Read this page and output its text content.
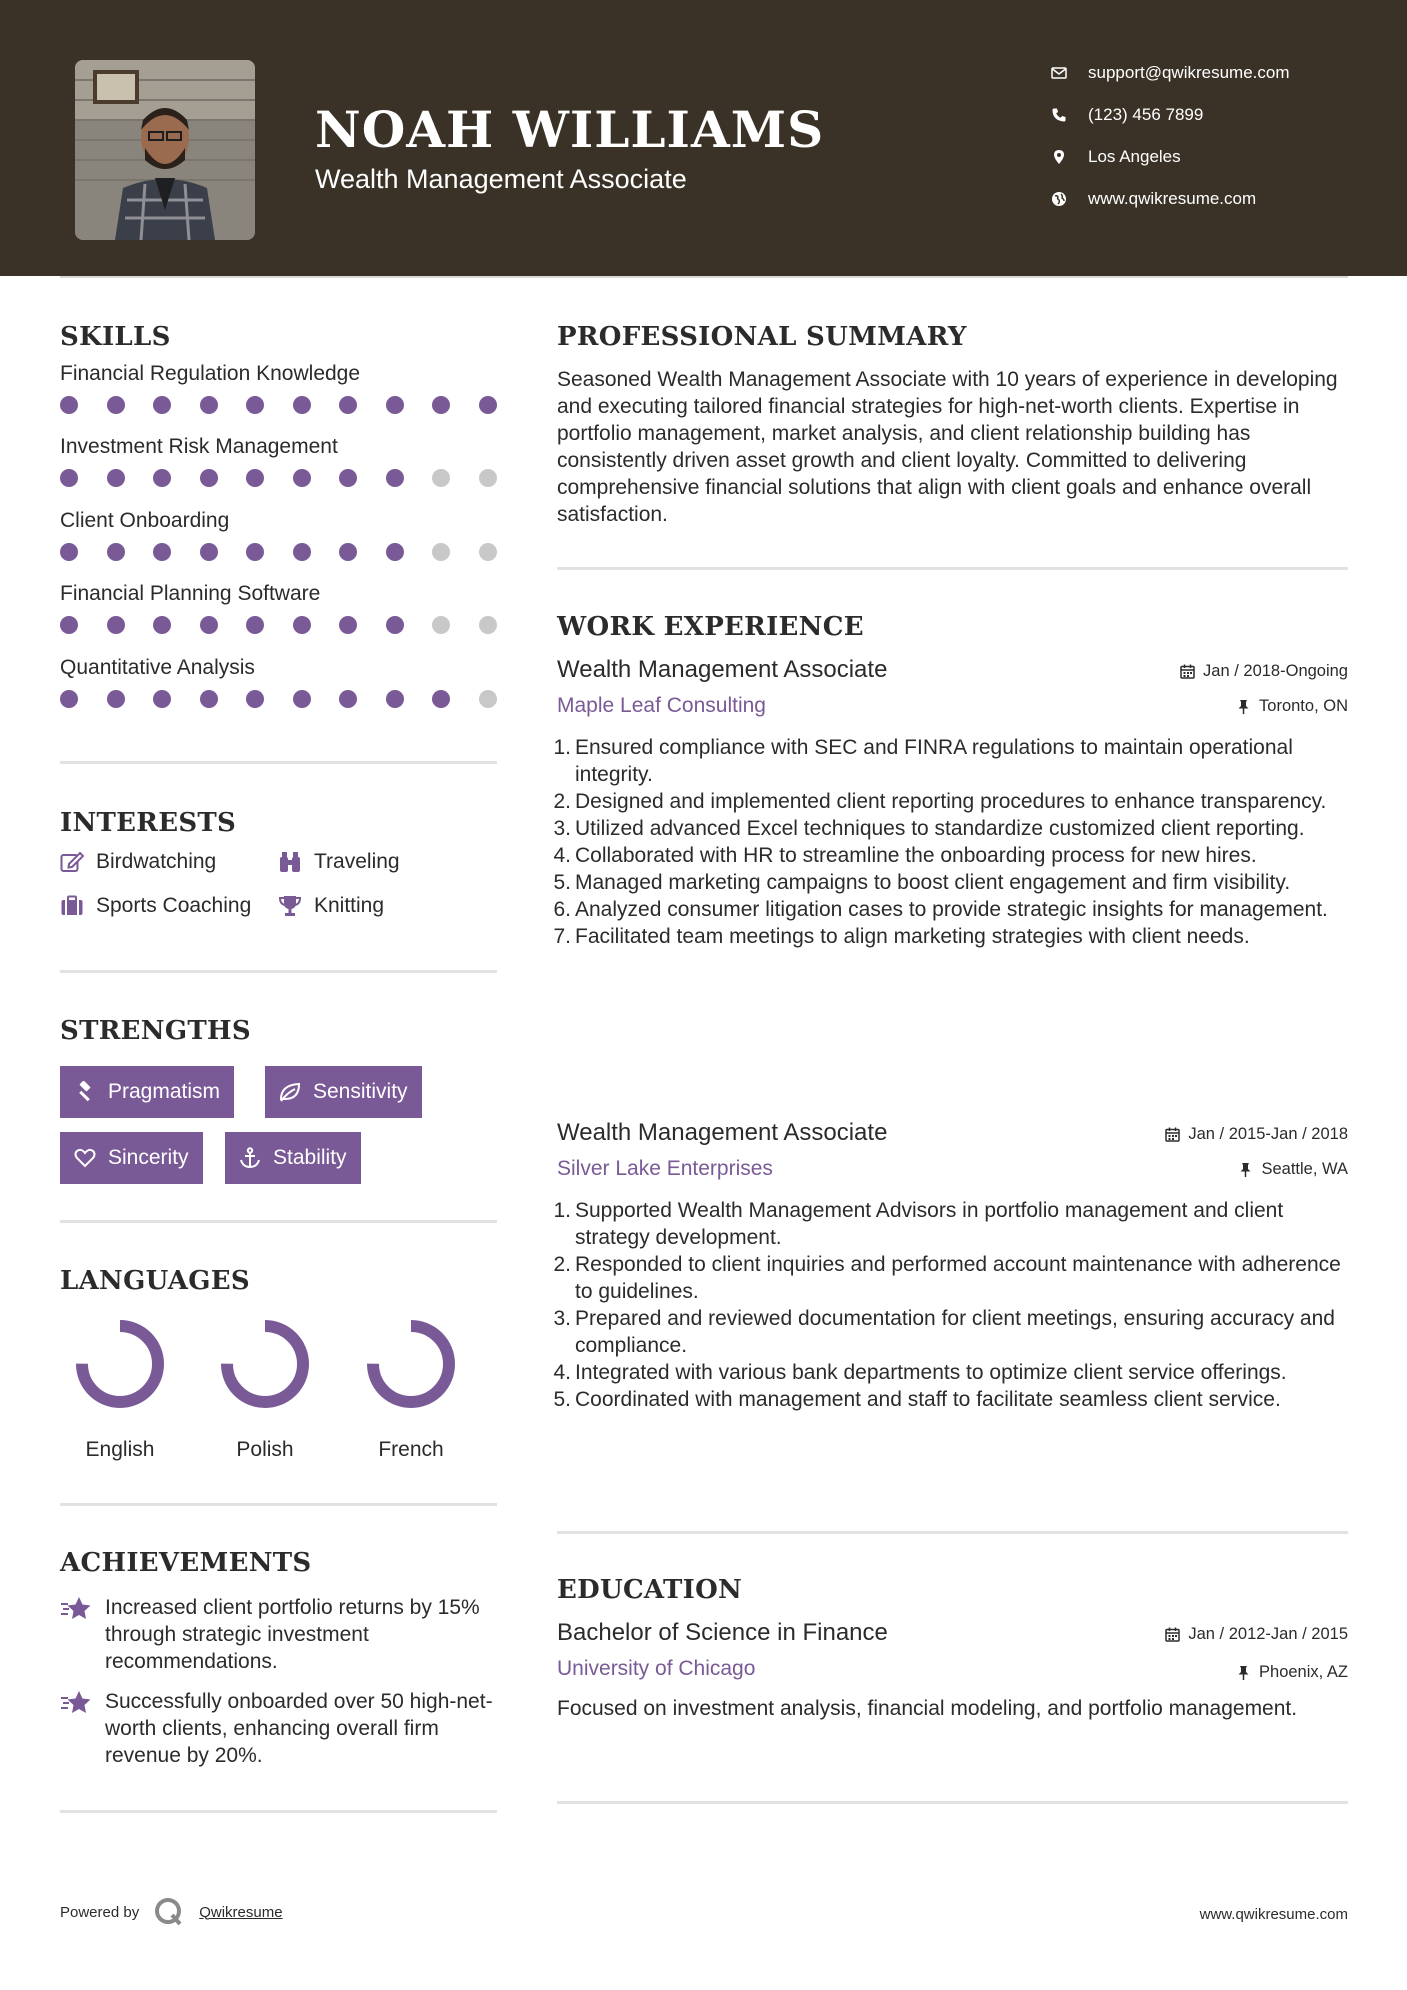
NOAH WILLIAMS
Wealth Management Associate
support@qwikresume.com
(123) 456 7899
Los Angeles
www.qwikresume.com
SKILLS
Financial Regulation Knowledge
Investment Risk Management
Client Onboarding
Financial Planning Software
Quantitative Analysis
INTERESTS
Birdwatching	Traveling
Sports Coaching	Knitting
STRENGTHS
Pragmatism	Sensitivity
Sincerity	Stability
LANGUAGES
English	Polish	French
ACHIEVEMENTS
Increased client portfolio returns by 15% through strategic investment recommendations.
Successfully onboarded over 50 high-net-worth clients, enhancing overall firm revenue by 20%.
PROFESSIONAL SUMMARY
Seasoned Wealth Management Associate with 10 years of experience in developing and executing tailored financial strategies for high-net-worth clients. Expertise in portfolio management, market analysis, and client relationship building has consistently driven asset growth and client loyalty. Committed to delivering comprehensive financial solutions that align with client goals and enhance overall satisfaction.
WORK EXPERIENCE
Wealth Management Associate	Jan / 2018-Ongoing
Maple Leaf Consulting	Toronto, ON
Ensured compliance with SEC and FINRA regulations to maintain operational integrity.
Designed and implemented client reporting procedures to enhance transparency.
Utilized advanced Excel techniques to standardize customized client reporting.
Collaborated with HR to streamline the onboarding process for new hires.
Managed marketing campaigns to boost client engagement and firm visibility.
Analyzed consumer litigation cases to provide strategic insights for management.
Facilitated team meetings to align marketing strategies with client needs.
Wealth Management Associate	Jan / 2015-Jan / 2018
Silver Lake Enterprises	Seattle, WA
Supported Wealth Management Advisors in portfolio management and client strategy development.
Responded to client inquiries and performed account maintenance with adherence to guidelines.
Prepared and reviewed documentation for client meetings, ensuring accuracy and compliance.
Integrated with various bank departments to optimize client service offerings.
Coordinated with management and staff to facilitate seamless client service.
EDUCATION
Bachelor of Science in Finance	Jan / 2012-Jan / 2015
University of Chicago	Phoenix, AZ
Focused on investment analysis, financial modeling, and portfolio management.
Powered by	Qwikresume	www.qwikresume.com
